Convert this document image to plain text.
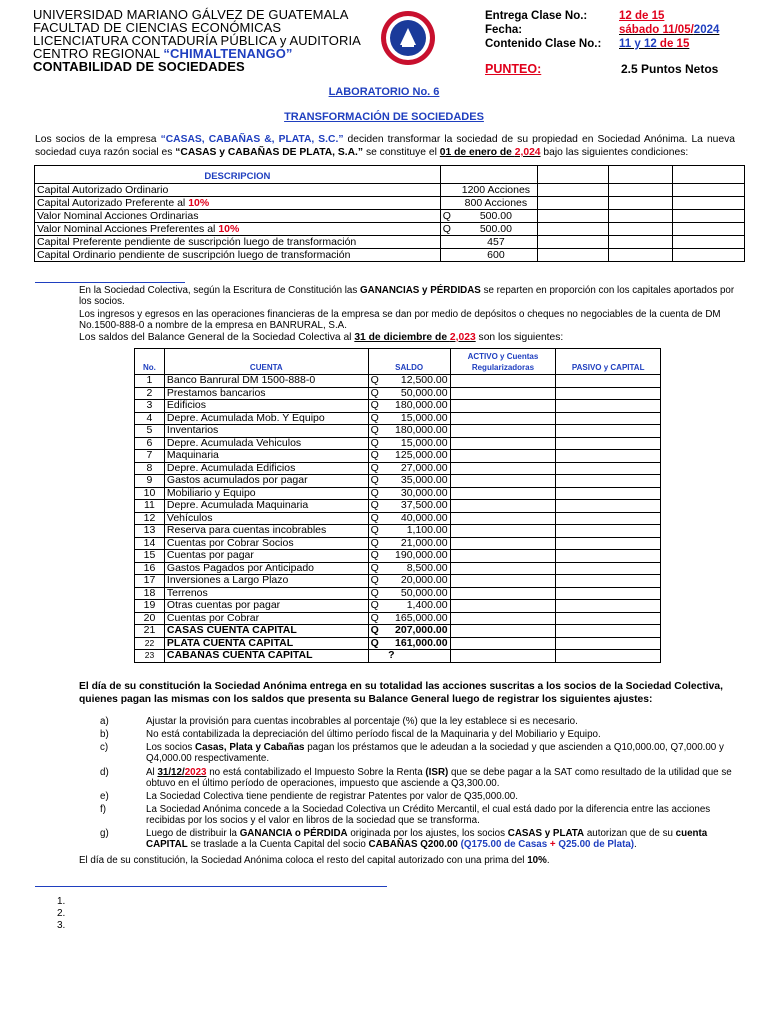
UNIVERSIDAD MARIANO GÁLVEZ DE GUATEMALA
FACULTAD DE CIENCIAS ECONÓMICAS
LICENCIATURA CONTADURÍA PÚBLICA y AUDITORIA
CENTRO REGIONAL “CHIMALTENANGO”
CONTABILIDAD DE SOCIEDADES
Entrega Clase No.:	12 de 15
Fecha:	sábado 11/05/2024
Contenido Clase No.: 11 y 12 de 15
PUNTEO:	2.5 Puntos Netos
LABORATORIO No. 6
TRANSFORMACIÓN DE SOCIEDADES
Los socios de la empresa “CASAS, CABAÑAS &, PLATA, S.C.” deciden transformar la sociedad de su propiedad en Sociedad Anónima. La nueva sociedad cuya razón social es “CASAS y CABAÑAS DE PLATA, S.A.” se constituye el 01 de enero de 2,024 bajo las siguientes condiciones:
DESCRIPCION					
Capital Autorizado Ordinario		1200 Acciones			
Capital Autorizado Preferente al 10%		800 Acciones			
Valor Nominal Acciones Ordinarias	Q	500.00			
Valor Nominal Acciones Preferentes al 10%	Q	500.00			
Capital Preferente pendiente de suscripción luego de transformación		457			
Capital Ordinario pendiente de suscripción luego de transformación		600			
En la Sociedad Colectiva, según la Escritura de Constitución las GANANCIAS y PÉRDIDAS se reparten en proporción con los capitales aportados por los socios.
Los ingresos y egresos en las operaciones financieras de la empresa se dan por medio de depósitos o cheques no negociables de la cuenta de DM No.1500-888-0 a nombre de la empresa en BANRURAL, S.A.
Los saldos del Balance General de la Sociedad Colectiva al 31 de diciembre de 2,023 son los siguientes:
No.	CUENTA	SALDO		ACTIVO y Cuentas Regularizadoras	PASIVO y CAPITAL
1	Banco Banrural DM 1500-888-0	Q	12,500.00		
2	Prestamos bancarios	Q	50,000.00		
3	Edificios	Q	180,000.00		
4	Depre. Acumulada Mob. Y Equipo	Q	15,000.00		
5	Inventarios	Q	180,000.00		
6	Depre. Acumulada Vehiculos	Q	15,000.00		
7	Maquinaria	Q	125,000.00		
8	Depre. Acumulada Edificios	Q	27,000.00		
9	Gastos acumulados por pagar	Q	35,000.00		
10	Mobiliario y Equipo	Q	30,000.00		
11	Depre. Acumulada Maquinaria	Q	37,500.00		
12	Vehículos	Q	40,000.00		
13	Reserva para cuentas incobrables	Q	1,100.00		
14	Cuentas por Cobrar Socios	Q	21,000.00		
15	Cuentas por pagar	Q	190,000.00		
16	Gastos Pagados por Anticipado	Q	8,500.00		
17	Inversiones a Largo Plazo	Q	20,000.00		
18	Terrenos	Q	50,000.00		
19	Otras cuentas por pagar	Q	1,400.00		
20	Cuentas por Cobrar	Q	165,000.00		
21	CASAS CUENTA CAPITAL	Q	207,000.00		
22	PLATA CUENTA CAPITAL	Q	161,000.00		
23	CABAÑAS CUENTA CAPITAL		?		
El día de su constitución la Sociedad Anónima entrega en su totalidad las acciones suscritas a los socios de la Sociedad Colectiva, quienes pagan las mismas con los saldos que presenta su Balance General luego de registrar los siguientes ajustes:
a)	Ajustar la provisión para cuentas incobrables al porcentaje (%) que la ley establece si es necesario.
b)	No está contabilizada la depreciación del último período fiscal de la Maquinaria y del Mobiliario y Equipo.
c)	Los socios Casas, Plata y Cabañas pagan los préstamos que le adeudan a la sociedad y que ascienden a Q10,000.00, Q7,000.00 y Q4,000.00 respectivamente.
d)	Al 31/12/2023 no está contabilizado el Impuesto Sobre la Renta (ISR) que se debe pagar a la SAT como resultado de la utilidad que se obtuvo en el último período de operaciones, impuesto que asciende a Q3,300.00.
e)	La Sociedad Colectiva tiene pendiente de registrar Patentes por valor de Q35,000.00.
f)	La Sociedad Anónima concede a la Sociedad Colectiva un Crédito Mercantil, el cual está dado por la diferencia entre las acciones recibidas por los socios y el valor en libros de la sociedad que se transforma.
g)	Luego de distribuir la GANANCIA o PÉRDIDA originada por los ajustes, los socios CASAS y PLATA autorizan que de su cuenta CAPITAL se traslade a la Cuenta Capital del socio CABAÑAS Q200.00 (Q175.00 de Casas + Q25.00 de Plata).
El día de su constitución, la Sociedad Anónima coloca el resto del capital autorizado con una prima del 10%.
1.
2.
3.
